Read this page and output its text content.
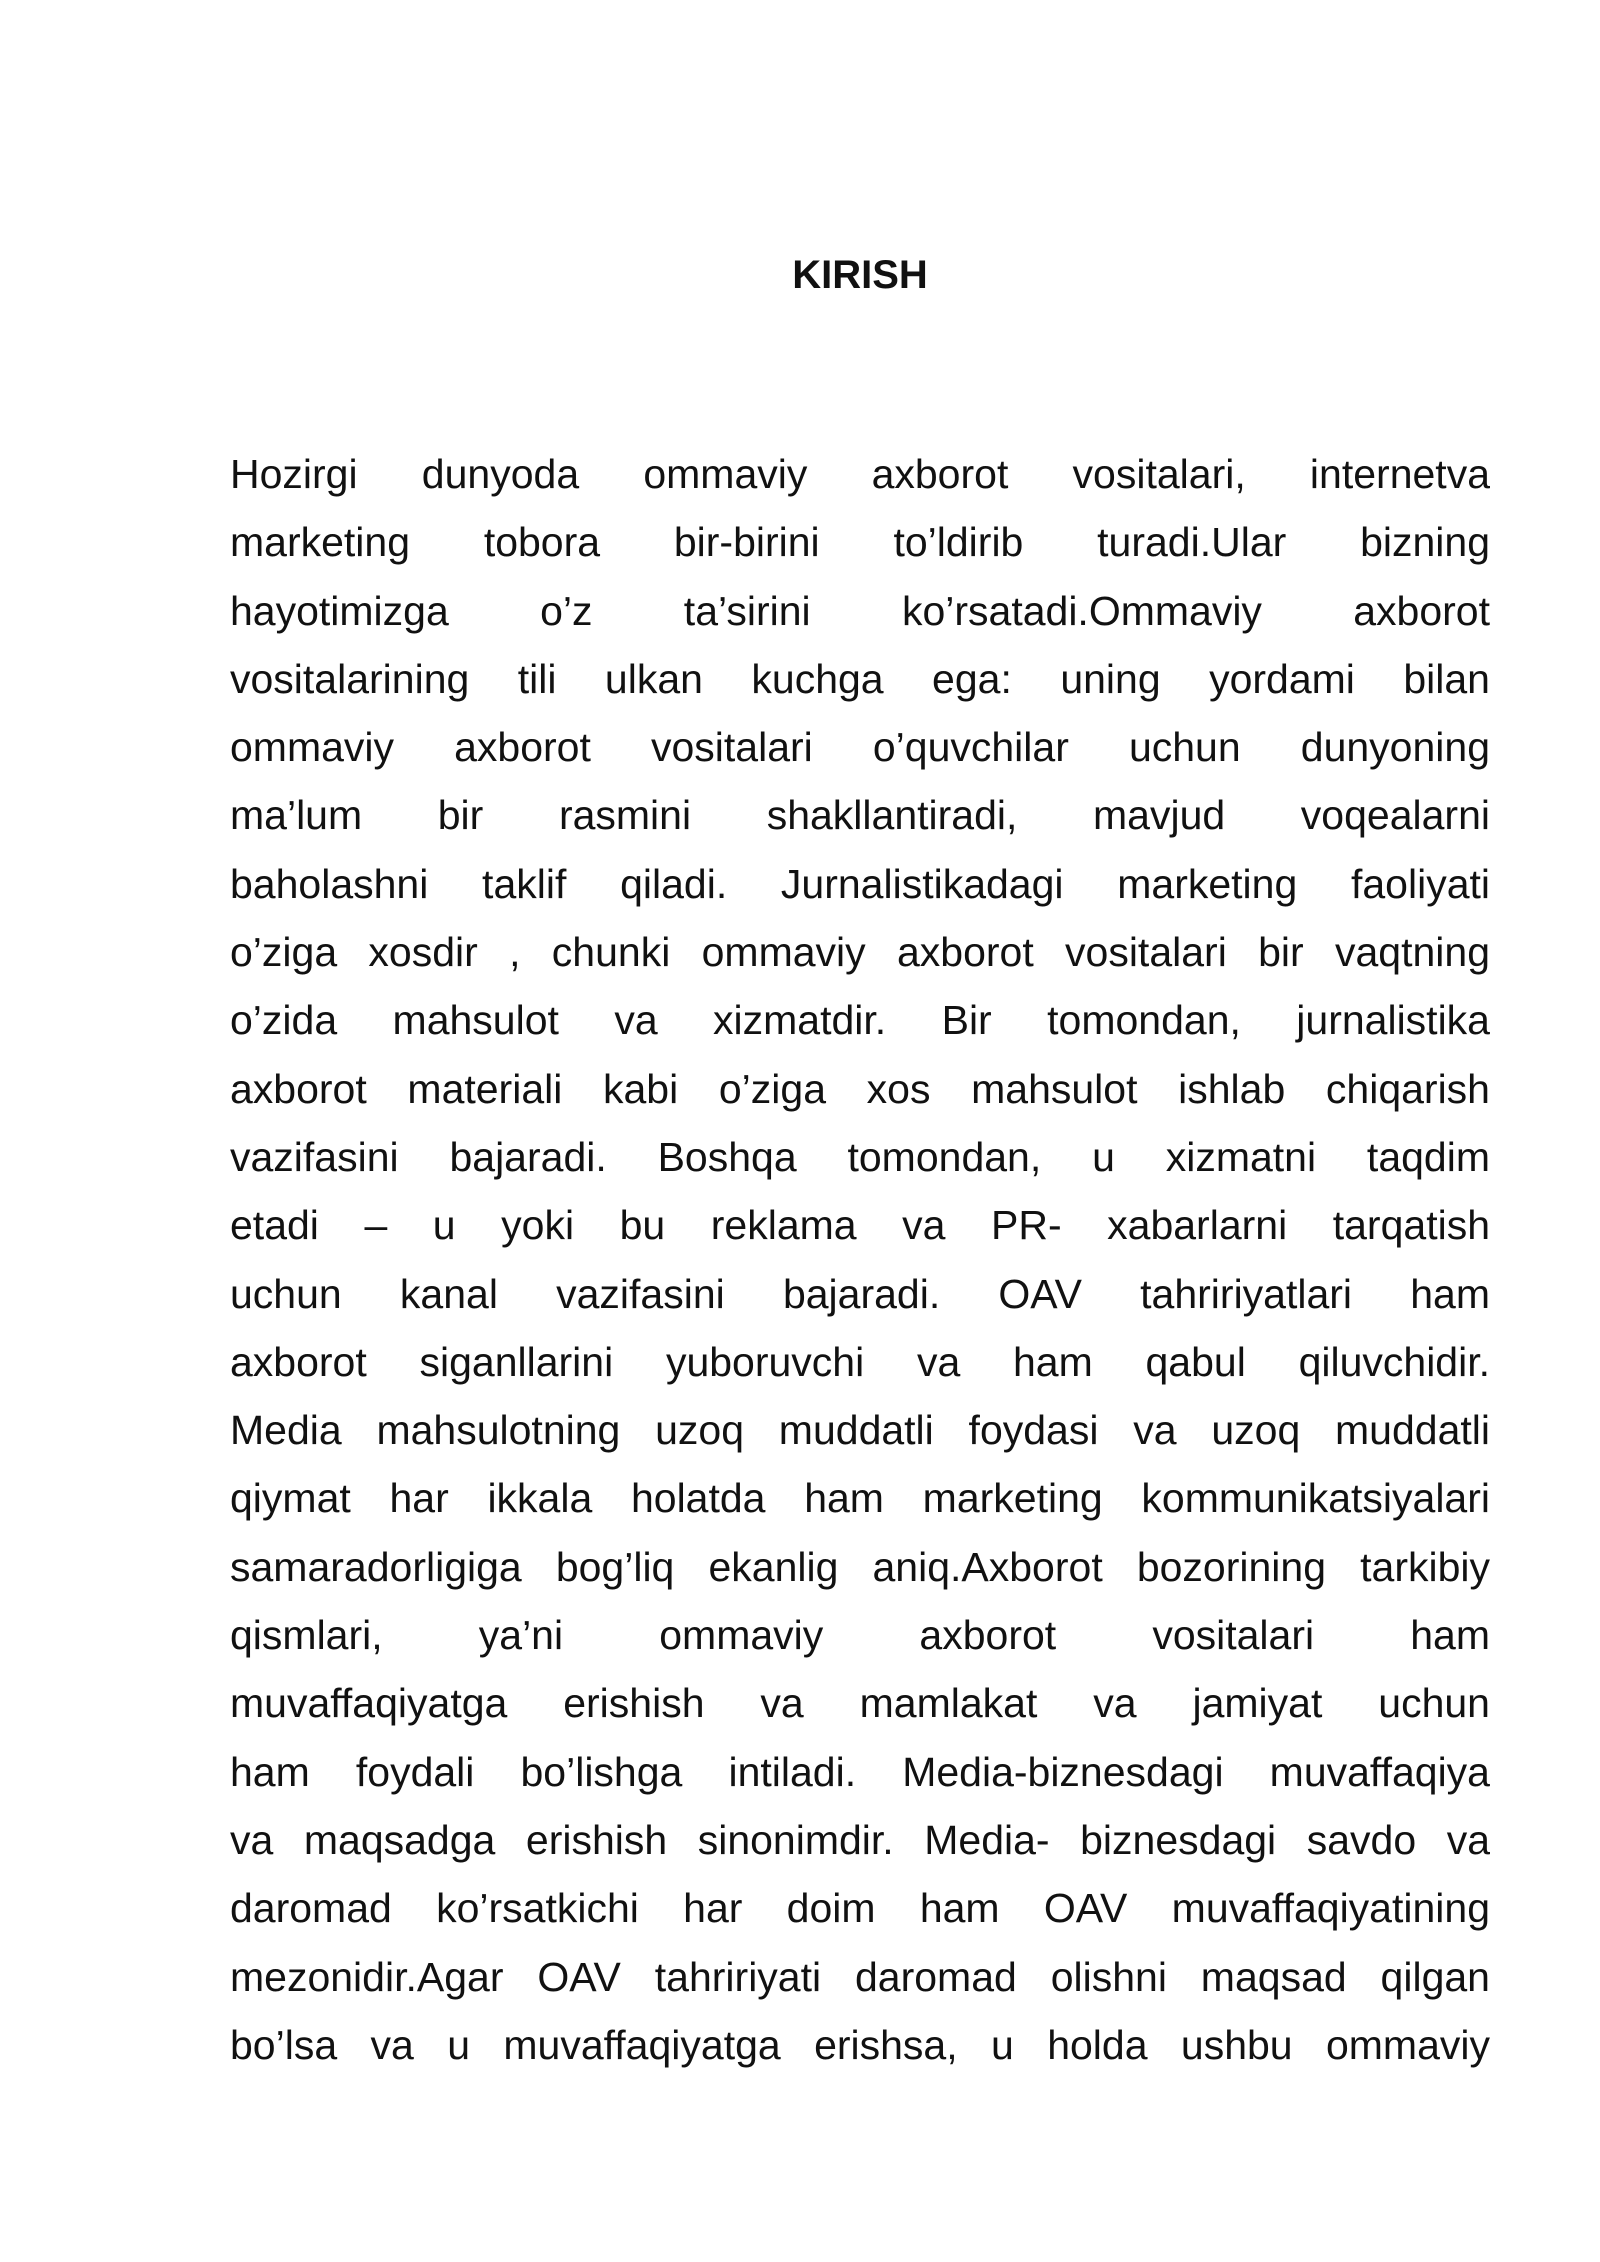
KIRISH
Hozirgi dunyoda ommaviy axborot vositalari, internetva
marketing tobora bir-birini to’ldirib turadi.Ular bizning
hayotimizga o’z ta’sirini ko’rsatadi.Ommaviy axborot
vositalarining tili ulkan kuchga ega: uning yordami bilan
ommaviy axborot vositalari o’quvchilar uchun dunyoning
ma’lum bir rasmini shakllantiradi, mavjud voqealarni
baholashni taklif qiladi. Jurnalistikadagi marketing faoliyati
o’ziga xosdir , chunki ommaviy axborot vositalari bir vaqtning
o’zida mahsulot va xizmatdir. Bir tomondan, jurnalistika
axborot materiali kabi o’ziga xos mahsulot ishlab chiqarish
vazifasini bajaradi. Boshqa tomondan, u xizmatni taqdim
etadi – u yoki bu reklama va PR- xabarlarni tarqatish
uchun kanal vazifasini bajaradi. OAV tahririyatlari ham
axborot siganllarini yuboruvchi va ham qabul qiluvchidir.
Media mahsulotning uzoq muddatli foydasi va uzoq muddatli
qiymat har ikkala holatda ham marketing kommunikatsiyalari
samaradorligiga bog’liq ekanlig aniq.Axborot bozorining tarkibiy
qismlari, ya’ni ommaviy axborot vositalari ham
muvaffaqiyatga erishish va mamlakat va jamiyat uchun
ham foydali bo’lishga intiladi. Media-biznesdagi muvaffaqiya
va maqsadga erishish sinonimdir. Media- biznesdagi savdo va
daromad ko’rsatkichi har doim ham OAV muvaffaqiyatining
mezonidir.Agar OAV tahririyati daromad olishni maqsad qilgan
bo’lsa va u muvaffaqiyatga erishsa, u holda ushbu ommaviy
